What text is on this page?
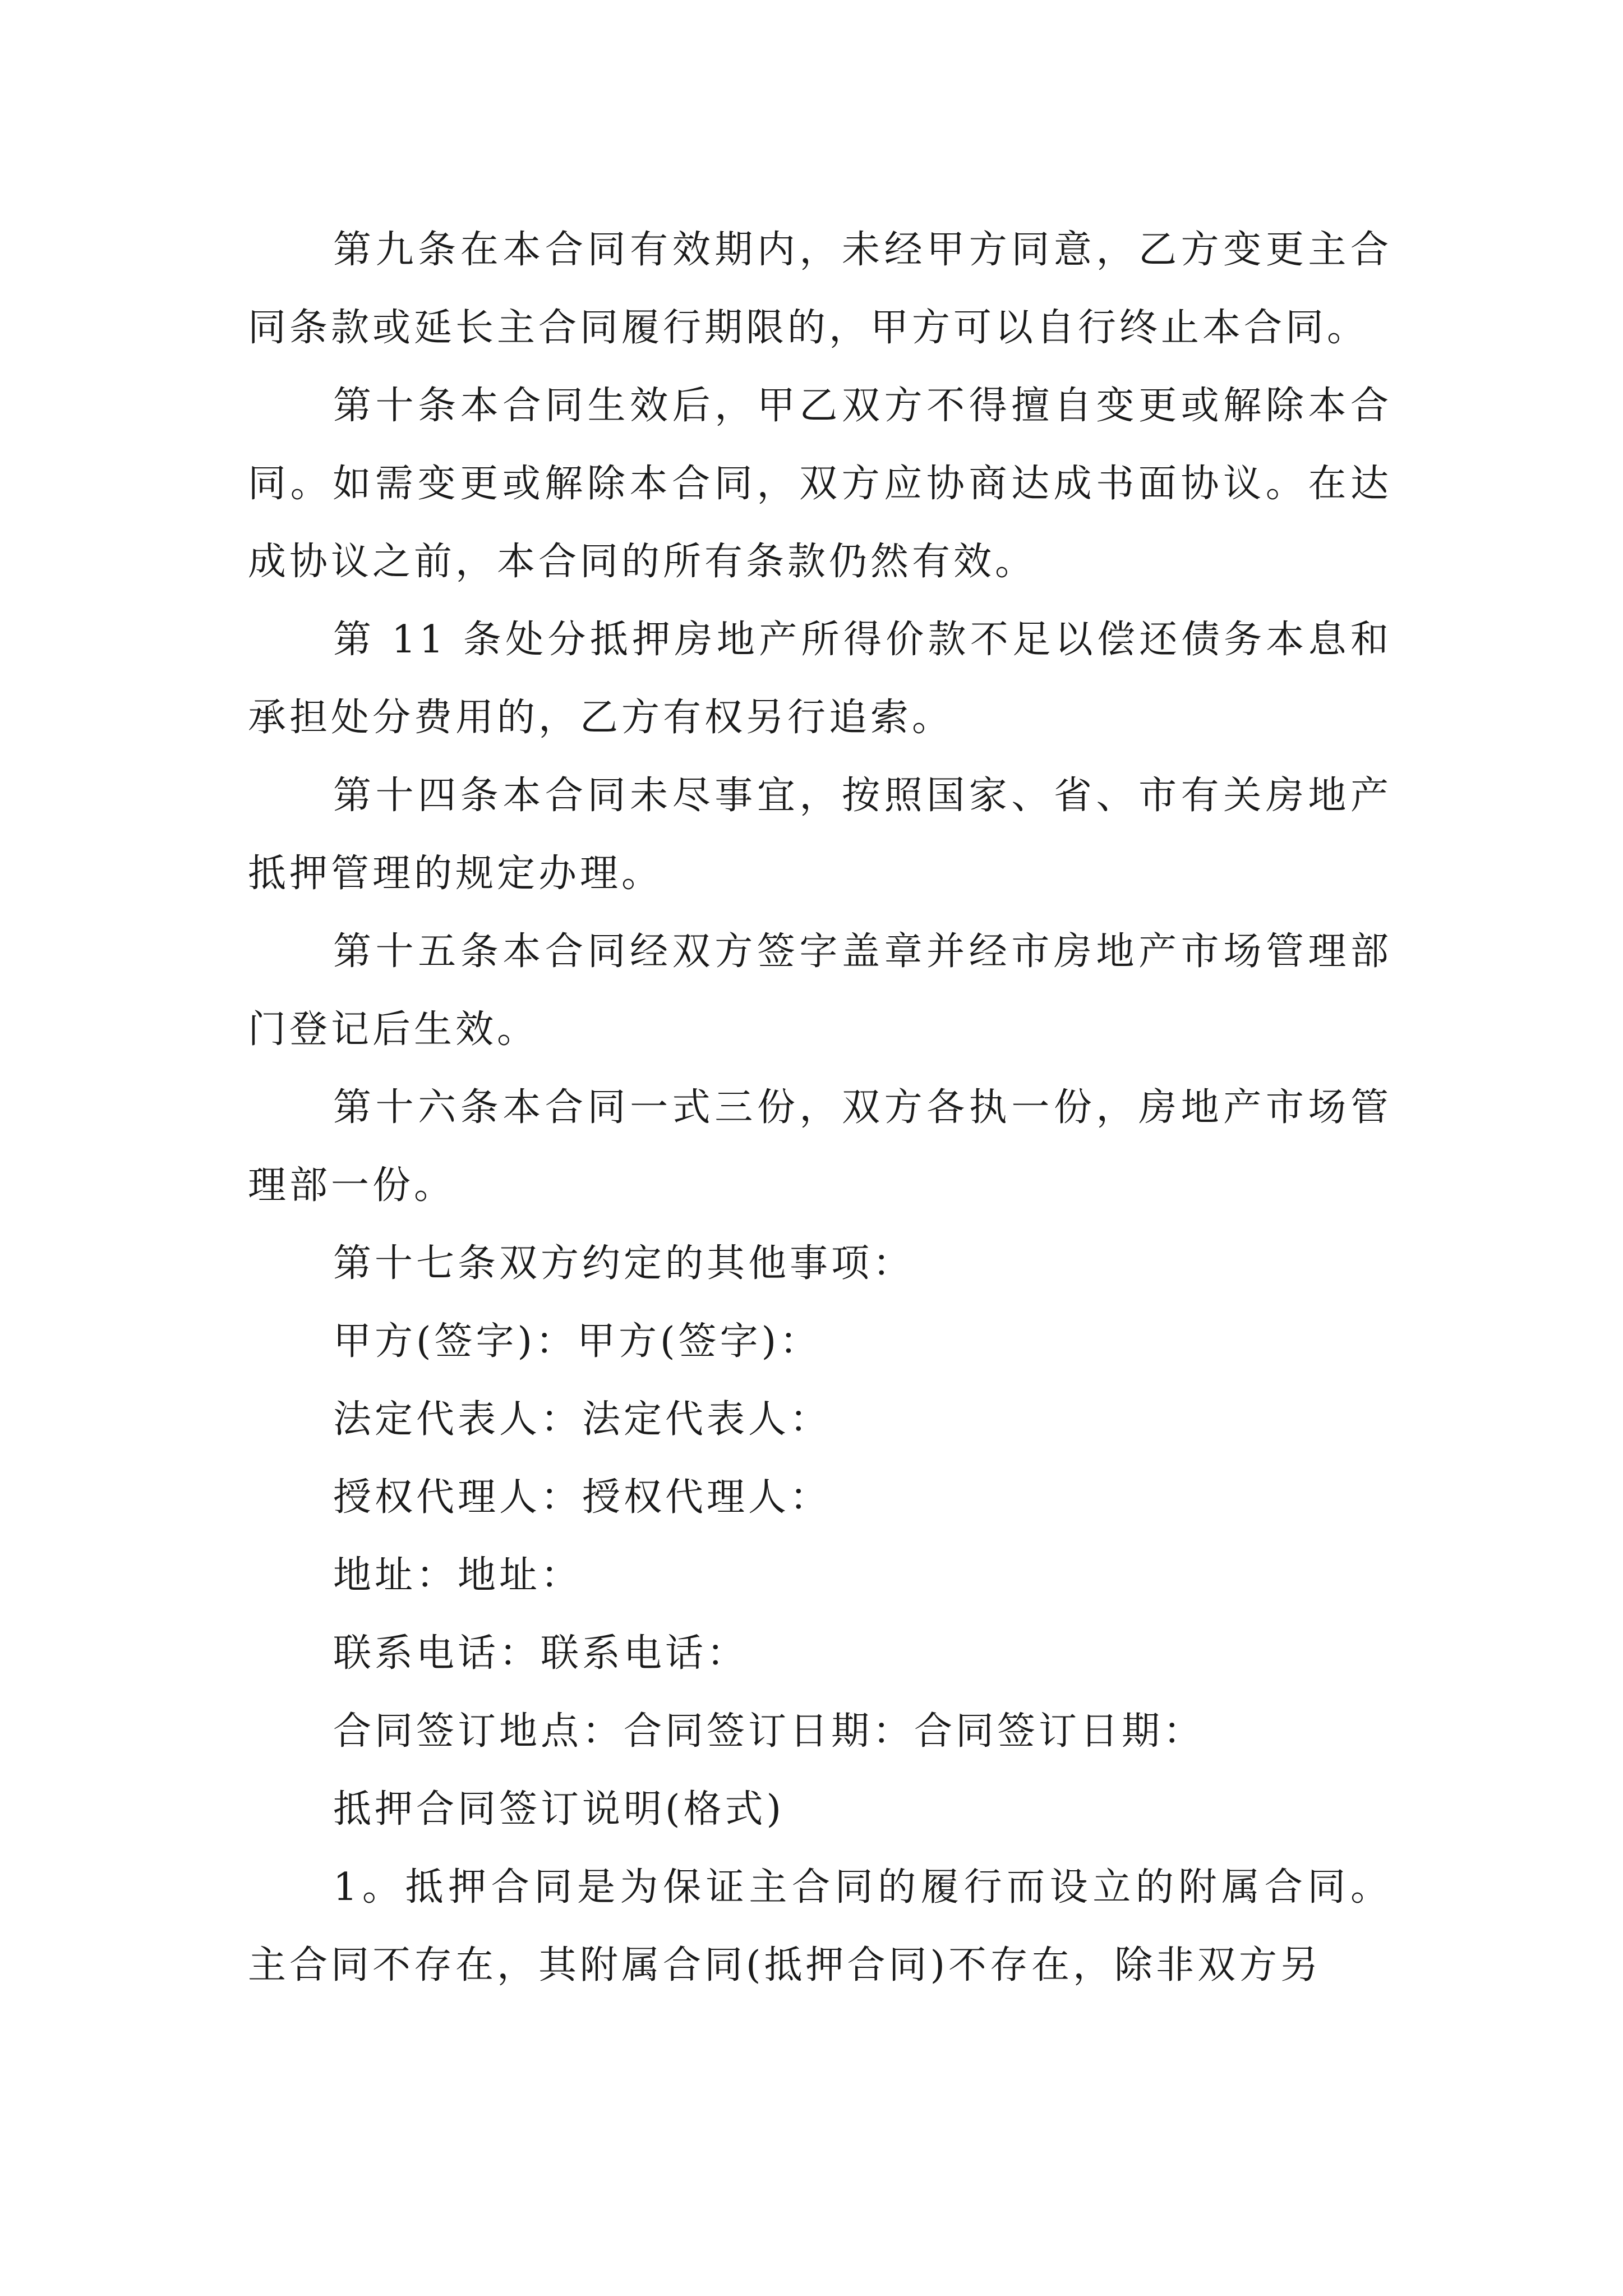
第九条在本合同有效期内，未经甲方同意，乙方变更主合同条款或延长主合同履行期限的，甲方可以自行终止本合同。

第十条本合同生效后，甲乙双方不得擅自变更或解除本合同。如需变更或解除本合同，双方应协商达成书面协议。在达成协议之前，本合同的所有条款仍然有效。

第 11 条处分抵押房地产所得价款不足以偿还债务本息和承担处分费用的，乙方有权另行追索。

第十四条本合同未尽事宜，按照国家、省、市有关房地产抵押管理的规定办理。

第十五条本合同经双方签字盖章并经市房地产市场管理部门登记后生效。

第十六条本合同一式三份，双方各执一份，房地产市场管理部一份。

第十七条双方约定的其他事项：

甲方(签字)：甲方(签字)：

法定代表人：法定代表人：

授权代理人：授权代理人：

地址：地址：

联系电话：联系电话：

合同签订地点：合同签订日期：合同签订日期：

抵押合同签订说明(格式)

1。抵押合同是为保证主合同的履行而设立的附属合同。主合同不存在，其附属合同(抵押合同)不存在，除非双方另
